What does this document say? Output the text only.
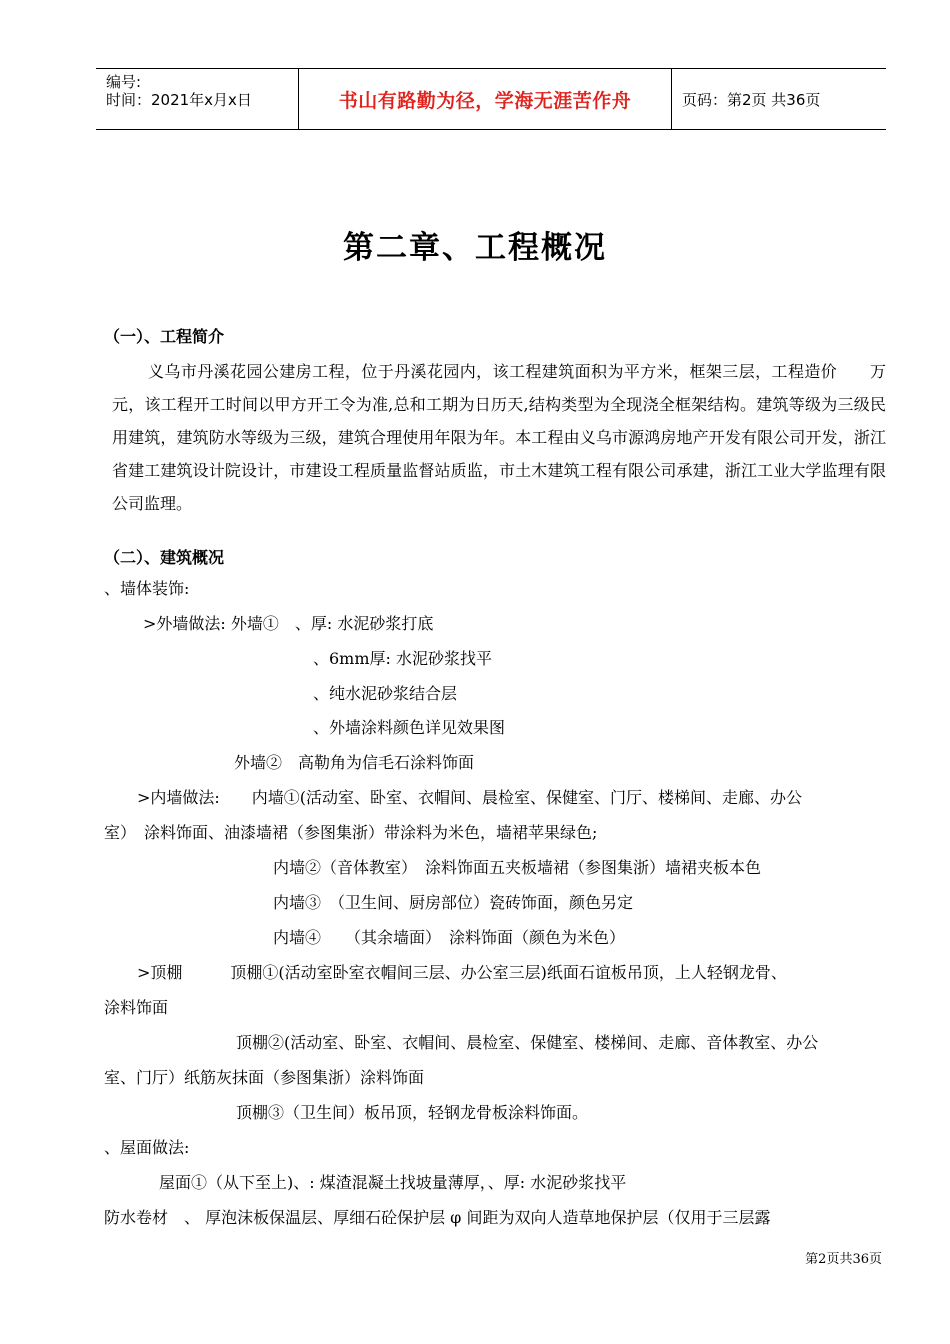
编号:
时间：2021年x月x日	书山有路勤为径，学海无涯苦作舟	页码：第2页 共36页
第二章、工程概况
（一）、工程简介
义乌市丹溪花园公建房工程，位于丹溪花园内，该工程建筑面积为平方米，框架三层，工程造价　　万元，该工程开工时间以甲方开工令为准,总和工期为日历天,结构类型为全现浇全框架结构。建筑等级为三级民用建筑，建筑防水等级为三级，建筑合理使用年限为年。本工程由义乌市源鸿房地产开发有限公司开发，浙江省建工建筑设计院设计，市建设工程质量监督站质监，市土木建筑工程有限公司承建，浙江工业大学监理有限公司监理。
（二）、建筑概况
、墙体装饰:
>外墙做法: 外墙①　、厚: 水泥砂浆打底
、6mm厚: 水泥砂浆找平
、纯水泥砂浆结合层
、外墙涂料颜色详见效果图
外墙②　高勒角为信毛石涂料饰面
>内墙做法:　　内墙①(活动室、卧室、衣帽间、晨检室、保健室、门厅、楼梯间、走廊、办公
室）　涂料饰面、油漆墙裙（参图集浙）带涂料为米色，墙裙苹果绿色;
内墙②（音体教室）　涂料饰面五夹板墙裙（参图集浙）墙裙夹板本色
内墙③　（卫生间、厨房部位）瓷砖饰面，颜色另定
内墙④　　（其余墙面）　涂料饰面（颜色为米色）
>顶棚　　　顶棚①(活动室卧室衣帽间三层、办公室三层)纸面石谊板吊顶，上人轻钢龙骨、
涂料饰面
顶棚②(活动室、卧室、衣帽间、晨检室、保健室、楼梯间、走廊、音体教室、办公
室、门厅）纸筋灰抹面（参图集浙）涂料饰面
顶棚③（卫生间）板吊顶，轻钢龙骨板涂料饰面。
、屋面做法:
屋面①（从下至上)、: 煤渣混凝土找坡量薄厚，、厚: 水泥砂浆找平
防水卷材　、 厚泡沫板保温层、厚细石砼保护层 φ 间距为双向人造草地保护层（仅用于三层露
第2页共36页
